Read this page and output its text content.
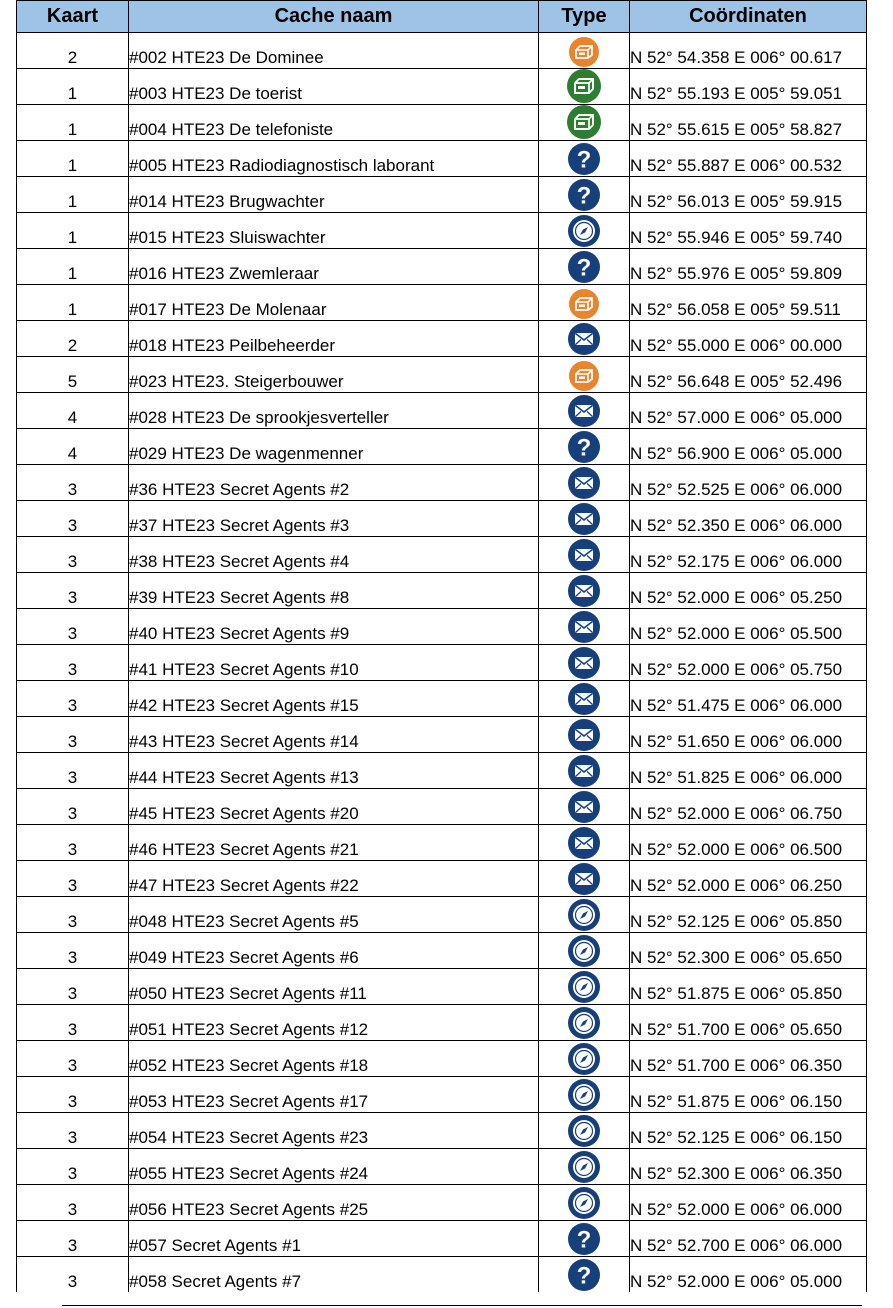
Kaart	Cache naam	Type	Coördinaten
2	#002 HTE23 De Dominee		N 52° 54.358 E 006° 00.617
1	#003 HTE23 De toerist		N 52° 55.193 E 005° 59.051
1	#004 HTE23 De telefoniste		N 52° 55.615 E 005° 58.827
1	#005 HTE23 Radiodiagnostisch laborant	?	N 52° 55.887 E 006° 00.532
1	#014 HTE23 Brugwachter	?	N 52° 56.013 E 005° 59.915
1	#015 HTE23 Sluiswachter		N 52° 55.946 E 005° 59.740
1	#016 HTE23 Zwemleraar	?	N 52° 55.976 E 005° 59.809
1	#017 HTE23 De Molenaar		N 52° 56.058 E 005° 59.511
2	#018 HTE23 Peilbeheerder		N 52° 55.000 E 006° 00.000
5	#023 HTE23. Steigerbouwer		N 52° 56.648 E 005° 52.496
4	#028 HTE23 De sprookjesverteller		N 52° 57.000 E 006° 05.000
4	#029 HTE23 De wagenmenner	?	N 52° 56.900 E 006° 05.000
3	#36 HTE23 Secret Agents #2		N 52° 52.525 E 006° 06.000
3	#37 HTE23 Secret Agents #3		N 52° 52.350 E 006° 06.000
3	#38 HTE23 Secret Agents #4		N 52° 52.175 E 006° 06.000
3	#39 HTE23 Secret Agents #8		N 52° 52.000 E 006° 05.250
3	#40 HTE23 Secret Agents #9		N 52° 52.000 E 006° 05.500
3	#41 HTE23 Secret Agents #10		N 52° 52.000 E 006° 05.750
3	#42 HTE23 Secret Agents #15		N 52° 51.475 E 006° 06.000
3	#43 HTE23 Secret Agents #14		N 52° 51.650 E 006° 06.000
3	#44 HTE23 Secret Agents #13		N 52° 51.825 E 006° 06.000
3	#45 HTE23 Secret Agents #20		N 52° 52.000 E 006° 06.750
3	#46 HTE23 Secret Agents #21		N 52° 52.000 E 006° 06.500
3	#47 HTE23 Secret Agents #22		N 52° 52.000 E 006° 06.250
3	#048 HTE23 Secret Agents #5		N 52° 52.125 E 006° 05.850
3	#049 HTE23 Secret Agents #6		N 52° 52.300 E 006° 05.650
3	#050 HTE23 Secret Agents #11		N 52° 51.875 E 006° 05.850
3	#051 HTE23 Secret Agents #12		N 52° 51.700 E 006° 05.650
3	#052 HTE23 Secret Agents #18		N 52° 51.700 E 006° 06.350
3	#053 HTE23 Secret Agents #17		N 52° 51.875 E 006° 06.150
3	#054 HTE23 Secret Agents #23		N 52° 52.125 E 006° 06.150
3	#055 HTE23 Secret Agents #24		N 52° 52.300 E 006° 06.350
3	#056 HTE23 Secret Agents #25		N 52° 52.000 E 006° 06.000
3	#057 Secret Agents #1	?	N 52° 52.700 E 006° 06.000
3	#058 Secret Agents #7	?	N 52° 52.000 E 006° 05.000
